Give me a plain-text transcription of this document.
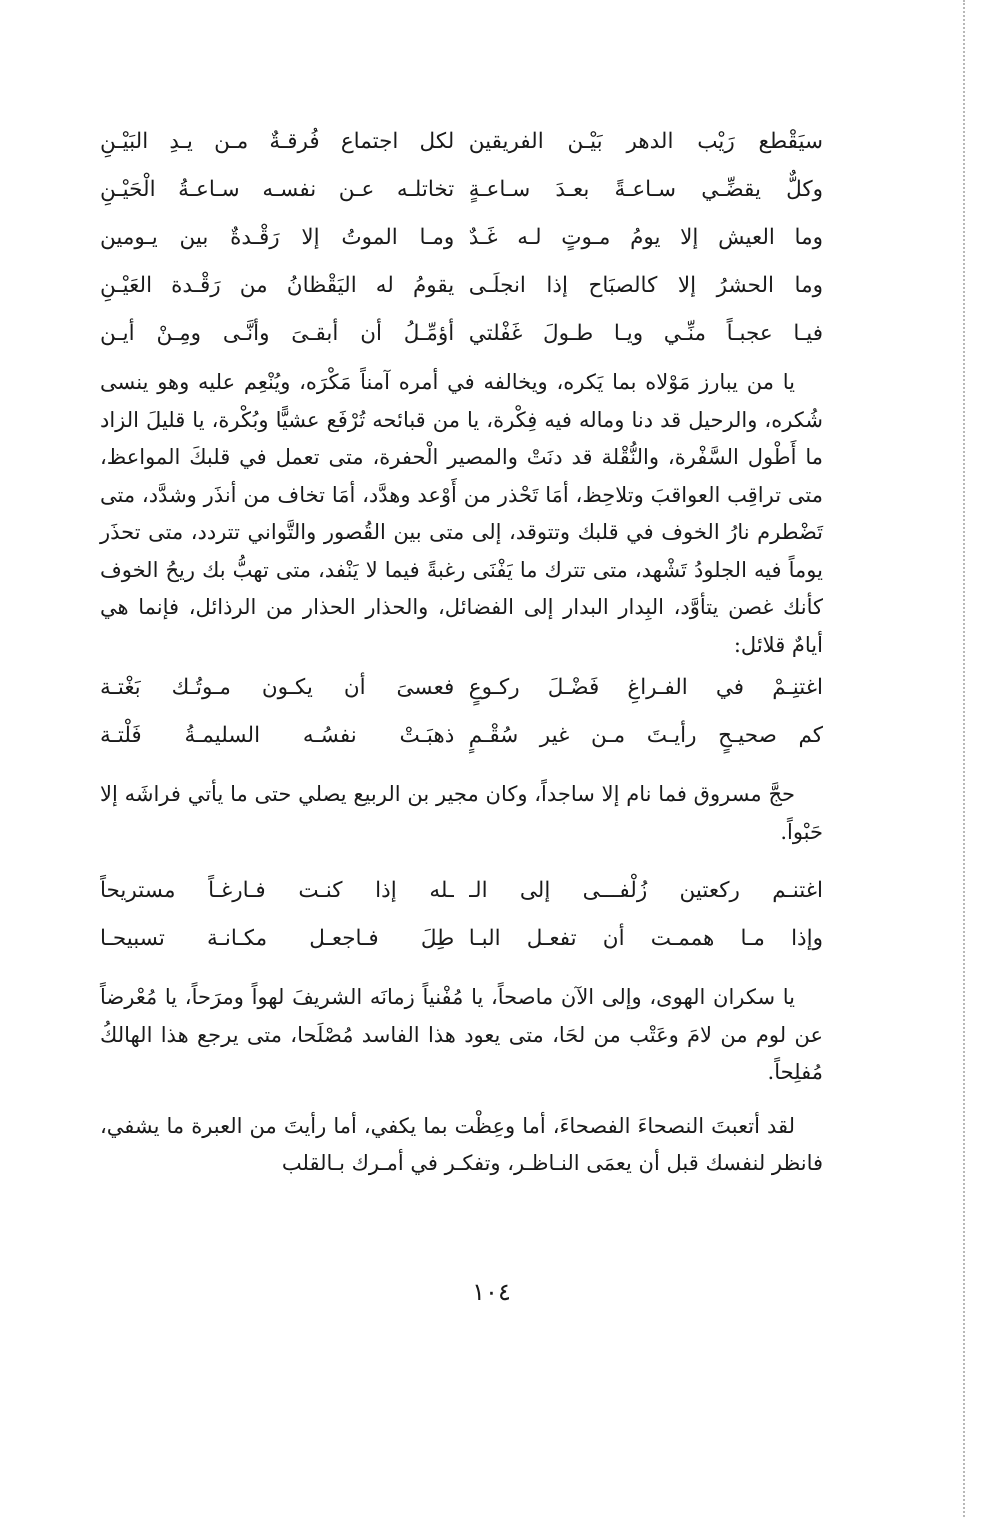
سيَقْطع رَيْب الدهر بَيْـن الفريقين
لكل اجتماع فُرقـةٌ مـن يـدِ البَيْـنِ
وكلٌّ يقضِّـي سـاعـةً بعـدَ سـاعـةٍ
تخاتلـه عـن نفسـه سـاعـةُ الْحَيْـنِ
وما العيش إلا يومُ مـوتٍ لـه غَـدٌ
ومـا الموتُ إلا رَقْـدةٌ بين يـومين
وما الحشرُ إلا كالصبَاح إذا انجلَـى
يقومُ له اليَقْظانُ من رَقْـدة العَيْـنِ
فيـا عجبـاً منِّـي ويـا طـولَ غَفْلتي
أؤمِّـلُ أن أبقـىَ وأنَّـى ومِـنْ أيـن

يا من يبارز مَوْلاه بما يَكره، ويخالفه في أمره آمناً مَكْرَه، ويُنْعِم عليه وهو ينسى شُكره، والرحيل قد دنا وماله فيه فِكْرة، يا من قبائحه تُرْفَع عشيًّا وبُكْرة، يا قليلَ الزاد ما أَطْول السَّفْرة، والنُّقْلة قد دنَتْ والمصير الْحفرة، متى تعمل في قلبكَ المواعظ، متى تراقِب العواقبَ وتلاحِظ، أمَا تَحْذر من أَوْعد وهدَّد، أمَا تخاف من أنذَر وشدَّد، متى تَضْطرم نارُ الخوف في قلبك وتتوقد، إلى متى بين القُصور والتَّواني تتردد، متى تحذَر يوماً فيه الجلودُ تَشْهد، متى تترك ما يَفْنَى رغبةً فيما لا يَنْفد، متى تهبُّ بك ريحُ الخوف كأنك غصن يتأوَّد، البِدار البدار إلى الفضائل، والحذار الحذار من الرذائل، فإنما هي أيامٌ قلائل:

اغتنِـمْ في الفـراغِ فَضْـلَ ركـوعٍ
فعسىَ أن يكـون مـوتُـك بَغْتـة
كم صحيـحٍ رأيـتَ مـن غير سُقْـمٍ
ذهبَـتْ نفسُـه السليمـةُ فَلْتـة

حجَّ مسروق فما نام إلا ساجداً، وكان مجير بن الربيع يصلي حتى ما يأتي فراشَه إلا حَبْواً.

اغتنـم ركعتين زُلْفـــى إلى الـ
ـله إذا كنـت فـارغـاً مستريحاً
وإذا مـا هممـت أن تفعـل البـا
طِلَ فـاجعـل مكـانـة تسبيحـا

يا سكران الهوى، وإلى الآن ماصحاً، يا مُفْنياً زمانَه الشريفَ لهواً ومرَحاً، يا مُعْرضاً عن لوم من لامَ وعَتْب من لحَا، متى يعود هذا الفاسد مُصْلَحا، متى يرجع هذا الهالكُ مُفلِحاً.

لقد أتعبتَ النصحاءَ الفصحاءَ، أما وعِظْت بما يكفي، أما رأيتَ من العبرة ما يشفي، فانظر لنفسك قبل أن يعمَى النـاظـر، وتفكـر في أمـرك بـالقلب

١٠٤
